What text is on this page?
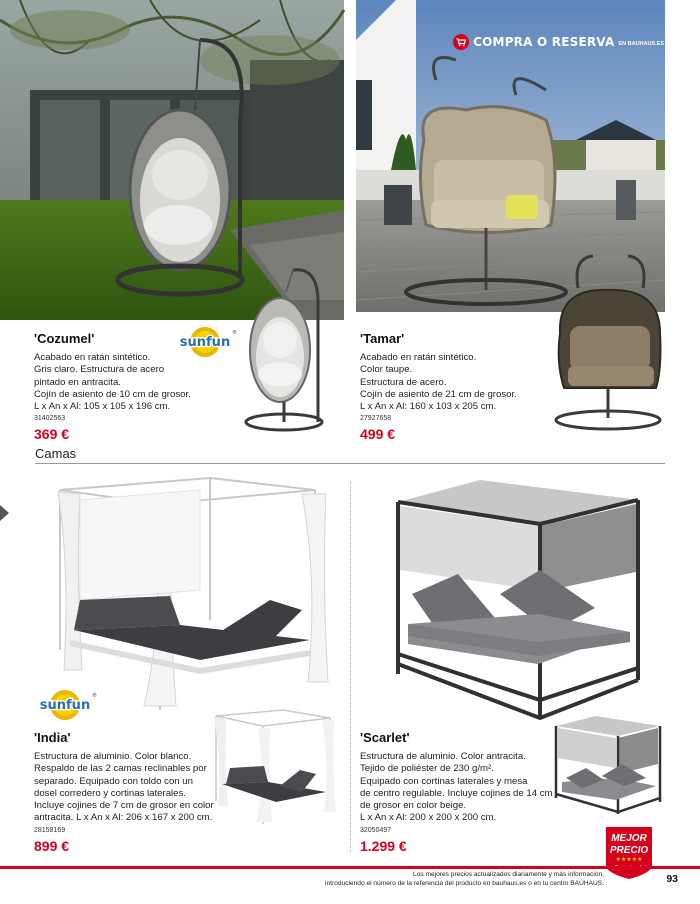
COMPRA O RESERVA EN BAUHAUS.ES
'Cozumel'
Acabado en ratán sintético.
Gris claro. Estructura de acero
pintado en antracita.
Cojín de asiento de 10 cm de grosor.
L x An x Al: 105 x 105 x 196 cm.
31402563
369 €
sunfun
®	'Tamar'
Acabado en ratán sintético.
Color taupe.
Estructura de acero.
Cojín de asiento de 21 cm de grosor.
L x An x Al: 160 x 103 x 205 cm.
27927658
499 €
Camas
sunfun
®
'India'
Estructura de aluminio. Color blanco.
Respaldo de las 2 camas reclinables por
separado. Equipado con toldo con un
dosel corredero y cortinas laterales.
Incluye cojines de 7 cm de grosor en color
antracita. L x An x Al: 206 x 167 x 200 cm.
28158169
899 €
'Scarlet'
Estructura de aluminio. Color antracita.
Tejido de poliéster de 230 g/m².
Equipado con cortinas laterales y mesa
de centro regulable. Incluye cojines de 14 cm
de grosor en color beige.
L x An x Al: 200 x 200 x 200 cm.
32050497
1.299 €	MEJOR
PRECIO
★★★★★
Los mejores precios actualizados diariamente y más información,
introduciendo el número de la referencia del producto en bauhaus.es o en tu centro BAUHAUS.	93
